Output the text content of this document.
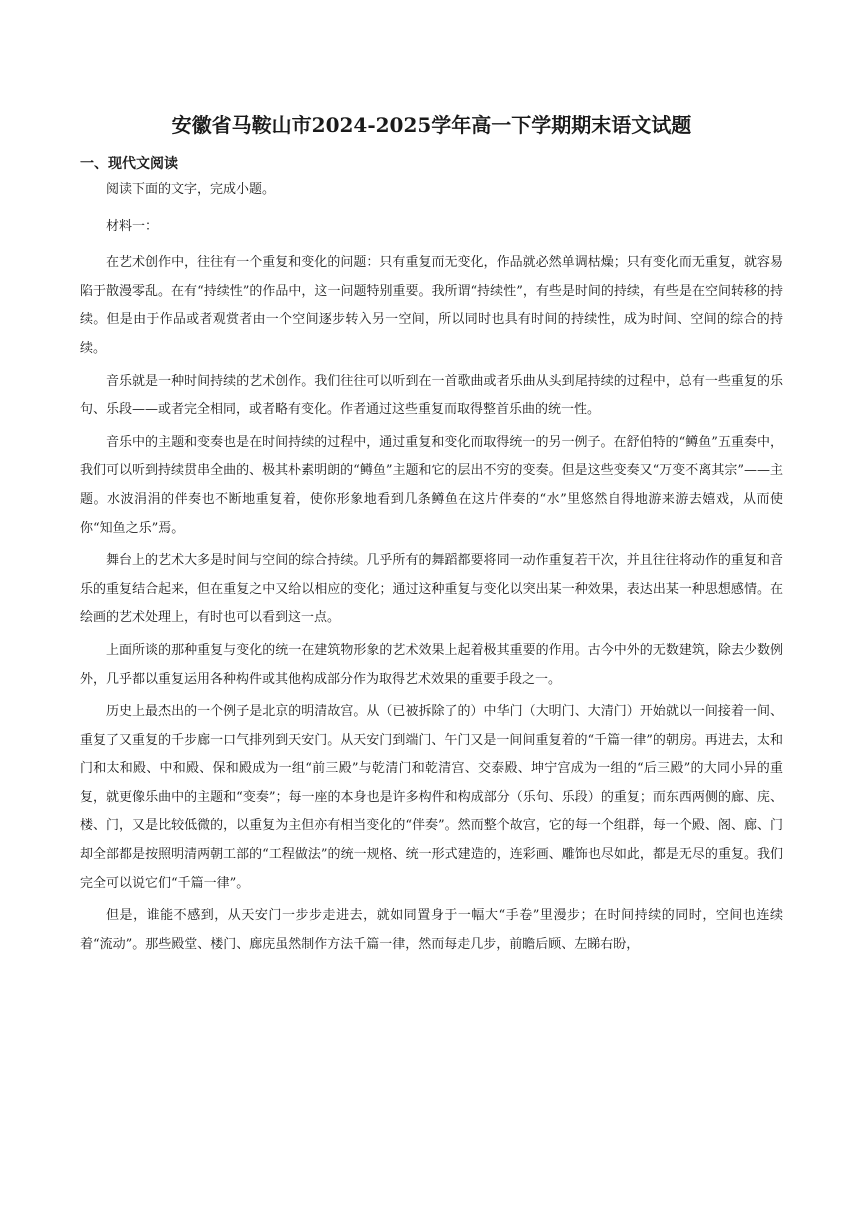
安徽省马鞍山市2024-2025学年高一下学期期末语文试题

一、现代文阅读

阅读下面的文字，完成小题。

材料一：

在艺术创作中，往往有一个重复和变化的问题：只有重复而无变化，作品就必然单调枯燥；只有变化而无重复，就容易陷于散漫零乱。在有“持续性”的作品中，这一问题特别重要。我所谓“持续性”，有些是时间的持续，有些是在空间转移的持续。但是由于作品或者观赏者由一个空间逐步转入另一空间，所以同时也具有时间的持续性，成为时间、空间的综合的持续。

音乐就是一种时间持续的艺术创作。我们往往可以听到在一首歌曲或者乐曲从头到尾持续的过程中，总有一些重复的乐句、乐段——或者完全相同，或者略有变化。作者通过这些重复而取得整首乐曲的统一性。

音乐中的主题和变奏也是在时间持续的过程中，通过重复和变化而取得统一的另一例子。在舒伯特的“鳟鱼”五重奏中，我们可以听到持续贯串全曲的、极其朴素明朗的“鳟鱼”主题和它的层出不穷的变奏。但是这些变奏又“万变不离其宗”——主题。水波涓涓的伴奏也不断地重复着，使你形象地看到几条鳟鱼在这片伴奏的“水”里悠然自得地游来游去嬉戏，从而使你“知鱼之乐”焉。

舞台上的艺术大多是时间与空间的综合持续。几乎所有的舞蹈都要将同一动作重复若干次，并且往往将动作的重复和音乐的重复结合起来，但在重复之中又给以相应的变化；通过这种重复与变化以突出某一种效果，表达出某一种思想感情。在绘画的艺术处理上，有时也可以看到这一点。

上面所谈的那种重复与变化的统一在建筑物形象的艺术效果上起着极其重要的作用。古今中外的无数建筑，除去少数例外，几乎都以重复运用各种构件或其他构成部分作为取得艺术效果的重要手段之一。

历史上最杰出的一个例子是北京的明清故宫。从（已被拆除了的）中华门（大明门、大清门）开始就以一间接着一间、重复了又重复的千步廊一口气排列到天安门。从天安门到端门、午门又是一间间重复着的“千篇一律”的朝房。再进去，太和门和太和殿、中和殿、保和殿成为一组“前三殿”与乾清门和乾清宫、交泰殿、坤宁宫成为一组的“后三殿”的大同小异的重复，就更像乐曲中的主题和“变奏”；每一座的本身也是许多构件和构成部分（乐句、乐段）的重复；而东西两侧的廊、庑、楼、门，又是比较低微的，以重复为主但亦有相当变化的“伴奏”。然而整个故宫，它的每一个组群，每一个殿、阁、廊、门却全部都是按照明清两朝工部的“工程做法”的统一规格、统一形式建造的，连彩画、雕饰也尽如此，都是无尽的重复。我们完全可以说它们“千篇一律”。

但是，谁能不感到，从天安门一步步走进去，就如同置身于一幅大“手卷”里漫步；在时间持续的同时，空间也连续着“流动”。那些殿堂、楼门、廊庑虽然制作方法千篇一律，然而每走几步，前瞻后顾、左睇右盼，
